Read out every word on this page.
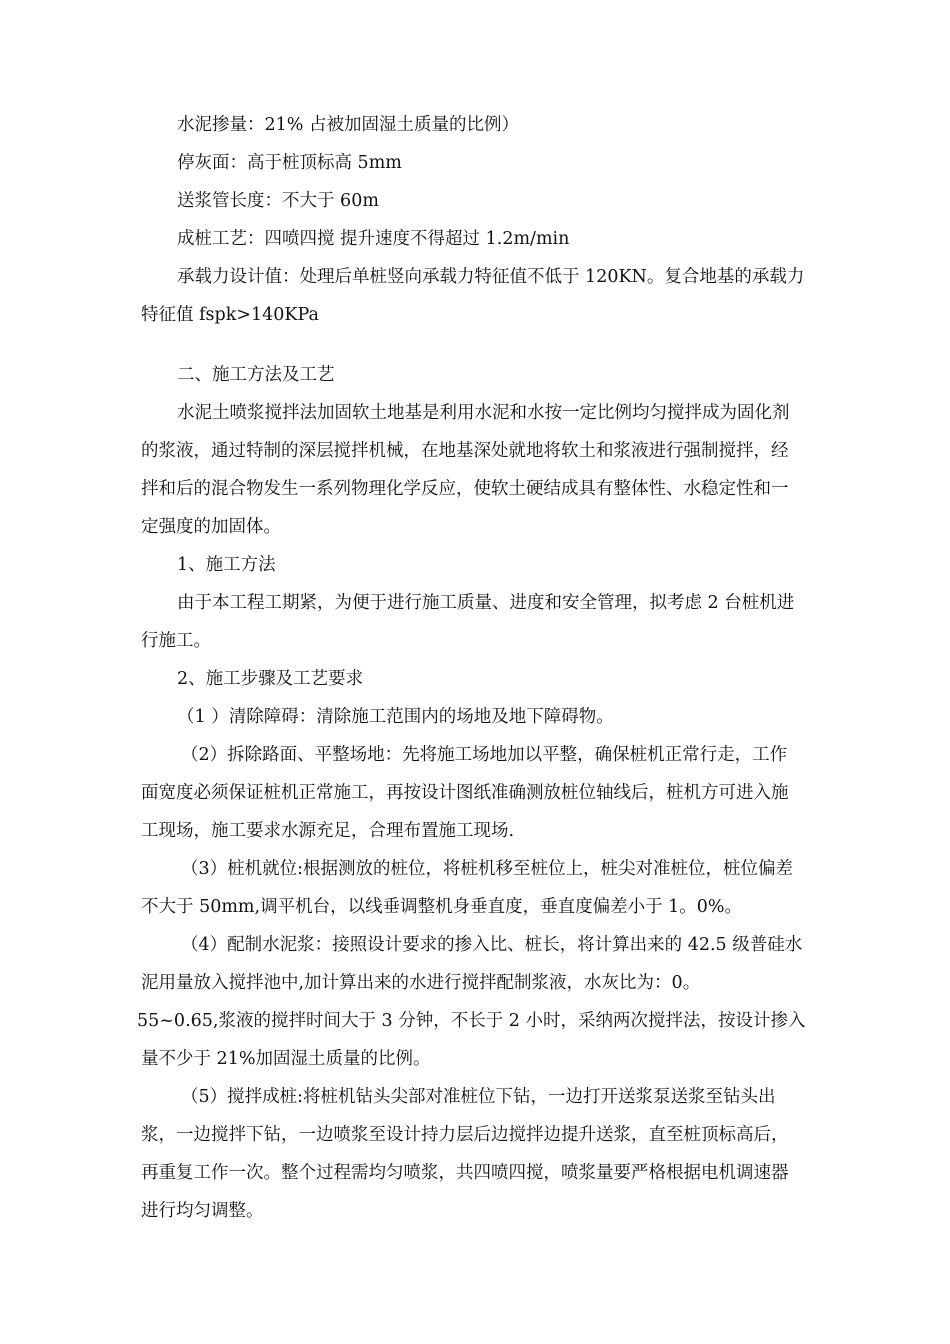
水泥掺量：21% 占被加固湿土质量的比例）

停灰面：高于桩顶标高 5mm

送浆管长度：不大于 60m

成桩工艺：四喷四搅 提升速度不得超过 1.2m/min

承载力设计值：处理后单桩竖向承载力特征值不低于 120KN。复合地基的承载力
特征值 fspk>140KPa

二、施工方法及工艺

水泥土喷浆搅拌法加固软土地基是利用水泥和水按一定比例均匀搅拌成为固化剂
的浆液，通过特制的深层搅拌机械，在地基深处就地将软土和浆液进行强制搅拌，经
拌和后的混合物发生一系列物理化学反应，使软土硬结成具有整体性、水稳定性和一
定强度的加固体。

1、施工方法

由于本工程工期紧，为便于进行施工质量、进度和安全管理，拟考虑 2 台桩机进
行施工。

2、施工步骤及工艺要求

（1 ）清除障碍：清除施工范围内的场地及地下障碍物。

（2）拆除路面、平整场地：先将施工场地加以平整，确保桩机正常行走，工作
面宽度必须保证桩机正常施工，再按设计图纸准确测放桩位轴线后，桩机方可进入施
工现场，施工要求水源充足，合理布置施工现场.
（3）桩机就位:根据测放的桩位，将桩机移至桩位上，桩尖对准桩位，桩位偏差
不大于 50mm,调平机台，以线垂调整机身垂直度，垂直度偏差小于 1。0%。
（4）配制水泥浆：接照设计要求的掺入比、桩长，将计算出来的 42.5 级普硅水
泥用量放入搅拌池中,加计算出来的水进行搅拌配制浆液，水灰比为：0。
55~0.65,浆液的搅拌时间大于 3 分钟，不长于 2 小时，采纳两次搅拌法，按设计掺入
量不少于 21%加固湿土质量的比例。
（5）搅拌成桩:将桩机钻头尖部对准桩位下钻，一边打开送浆泵送浆至钻头出
浆，一边搅拌下钻，一边喷浆至设计持力层后边搅拌边提升送浆，直至桩顶标高后，
再重复工作一次。整个过程需均匀喷浆，共四喷四搅，喷浆量要严格根据电机调速器
进行均匀调整。
